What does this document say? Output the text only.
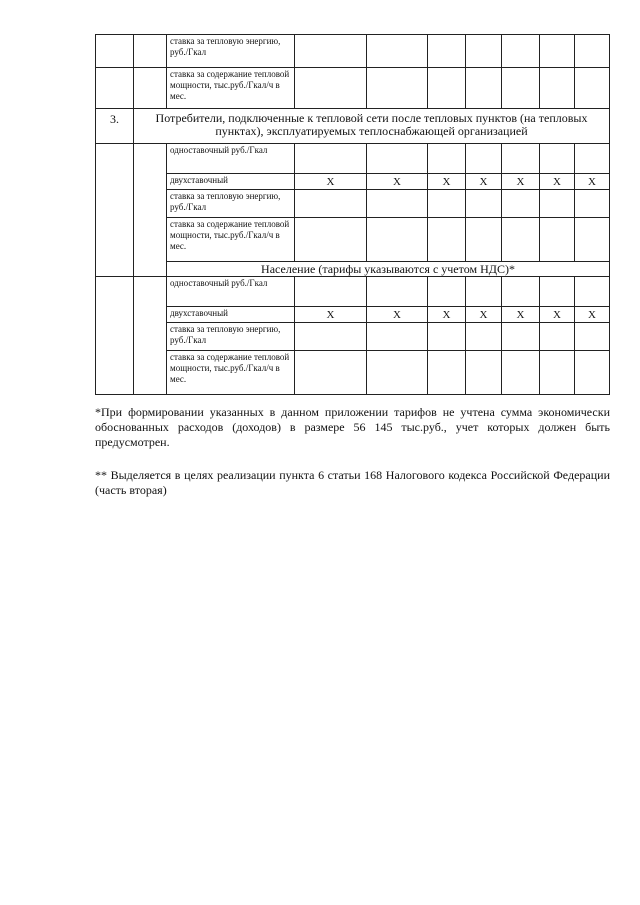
		ставка за тепловую энергию, руб./Гкал							
		ставка за содержание тепловой мощности, тыс.руб./Гкал/ч в мес.							
3.	Потребители, подключенные к тепловой сети после тепловых пунктов (на тепловых пунктах), эксплуатируемых теплоснабжающей организацией								
		одноставочный руб./Гкал							
		двухставочный	Х	Х	Х	Х	Х	Х	Х
		ставка за тепловую энергию, руб./Гкал							
		ставка за содержание тепловой мощности, тыс.руб./Гкал/ч в мес.							
		Население (тарифы указываются с учетом НДС)*							
		одноставочный руб./Гкал							
		двухставочный	Х	Х	Х	Х	Х	Х	Х
		ставка за тепловую энергию, руб./Гкал							
		ставка за содержание тепловой мощности, тыс.руб./Гкал/ч в мес.							
*При формировании указанных в данном приложении тарифов не учтена сумма экономически обоснованных расходов (доходов) в размере 56 145 тыс.руб., учет которых должен быть предусмотрен.
** Выделяется в целях реализации пункта 6 статьи 168 Налогового кодекса Российской Федерации (часть вторая)
